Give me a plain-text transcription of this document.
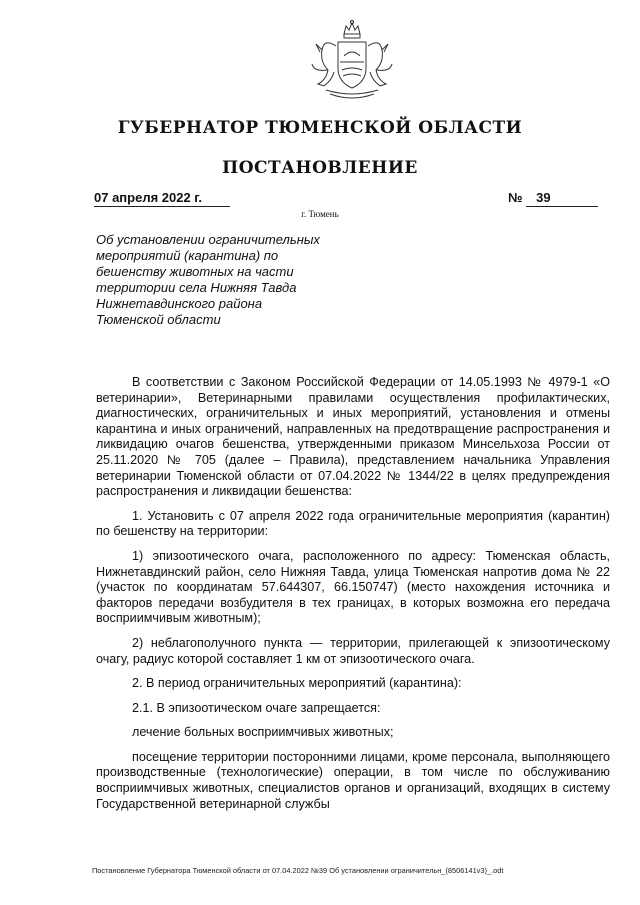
ГУБЕРНАТОР ТЮМЕНСКОЙ ОБЛАСТИ
ПОСТАНОВЛЕНИЕ
07 апреля 2022 г.	№ 39
г. Тюмень
Об установлении ограничительных
мероприятий (карантина) по
бешенству животных на части
территории села Нижняя Тавда
Нижнетавдинского района
Тюменской области

В соответствии с Законом Российской Федерации от 14.05.1993 № 4979-1 «О ветеринарии», Ветеринарными правилами осуществления профилактических, диагностических, ограничительных и иных мероприятий, установления и отмены карантина и иных ограничений, направленных на предотвращение распространения и ликвидацию очагов бешенства, утвержденными приказом Минсельхоза России от 25.11.2020 № 705 (далее – Правила), представлением начальника Управления ветеринарии Тюменской области от 07.04.2022 № 1344/22 в целях предупреждения распространения и ликвидации бешенства:

1. Установить с 07 апреля 2022 года ограничительные мероприятия (карантин) по бешенству на территории:

1) эпизоотического очага, расположенного по адресу: Тюменская область, Нижнетавдинский район, село Нижняя Тавда, улица Тюменская напротив дома № 22 (участок по координатам 57.644307, 66.150747) (место нахождения источника и факторов передачи возбудителя в тех границах, в которых возможна его передача восприимчивым животным);

2) неблагополучного пункта — территории, прилегающей к эпизоотическому очагу, радиус которой составляет 1 км от эпизоотического очага.

2. В период ограничительных мероприятий (карантина):

2.1. В эпизоотическом очаге запрещается:

лечение больных восприимчивых животных;

посещение территории посторонними лицами, кроме персонала, выполняющего производственные (технологические) операции, в том числе по обслуживанию восприимчивых животных, специалистов органов и организаций, входящих в систему Государственной ветеринарной службы

Постановление Губернатора Тюменской области от 07.04.2022 №39 Об установлении ограничительн_(8506141v3)_.odt
